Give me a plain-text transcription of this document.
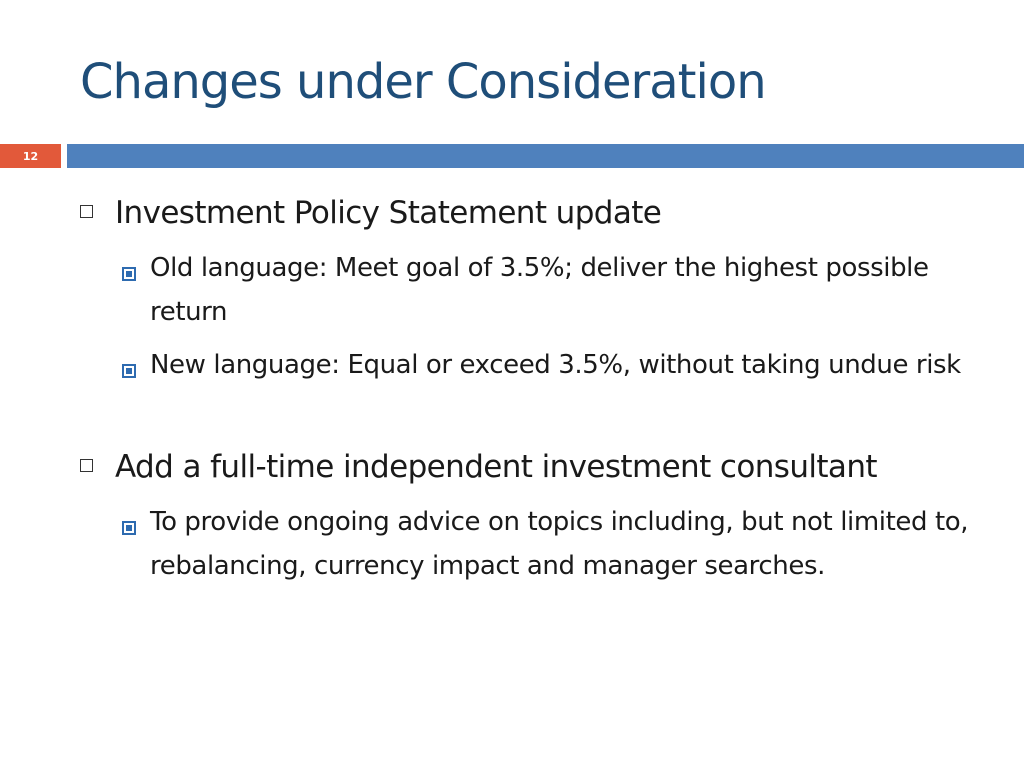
Changes under Consideration
12
Investment Policy Statement update
Old language: Meet goal of 3.5%; deliver the highest possible return
New language: Equal or exceed 3.5%, without taking undue risk
Add a full-time independent investment consultant
To provide ongoing advice on topics including, but not limited to, rebalancing, currency impact and manager searches.
